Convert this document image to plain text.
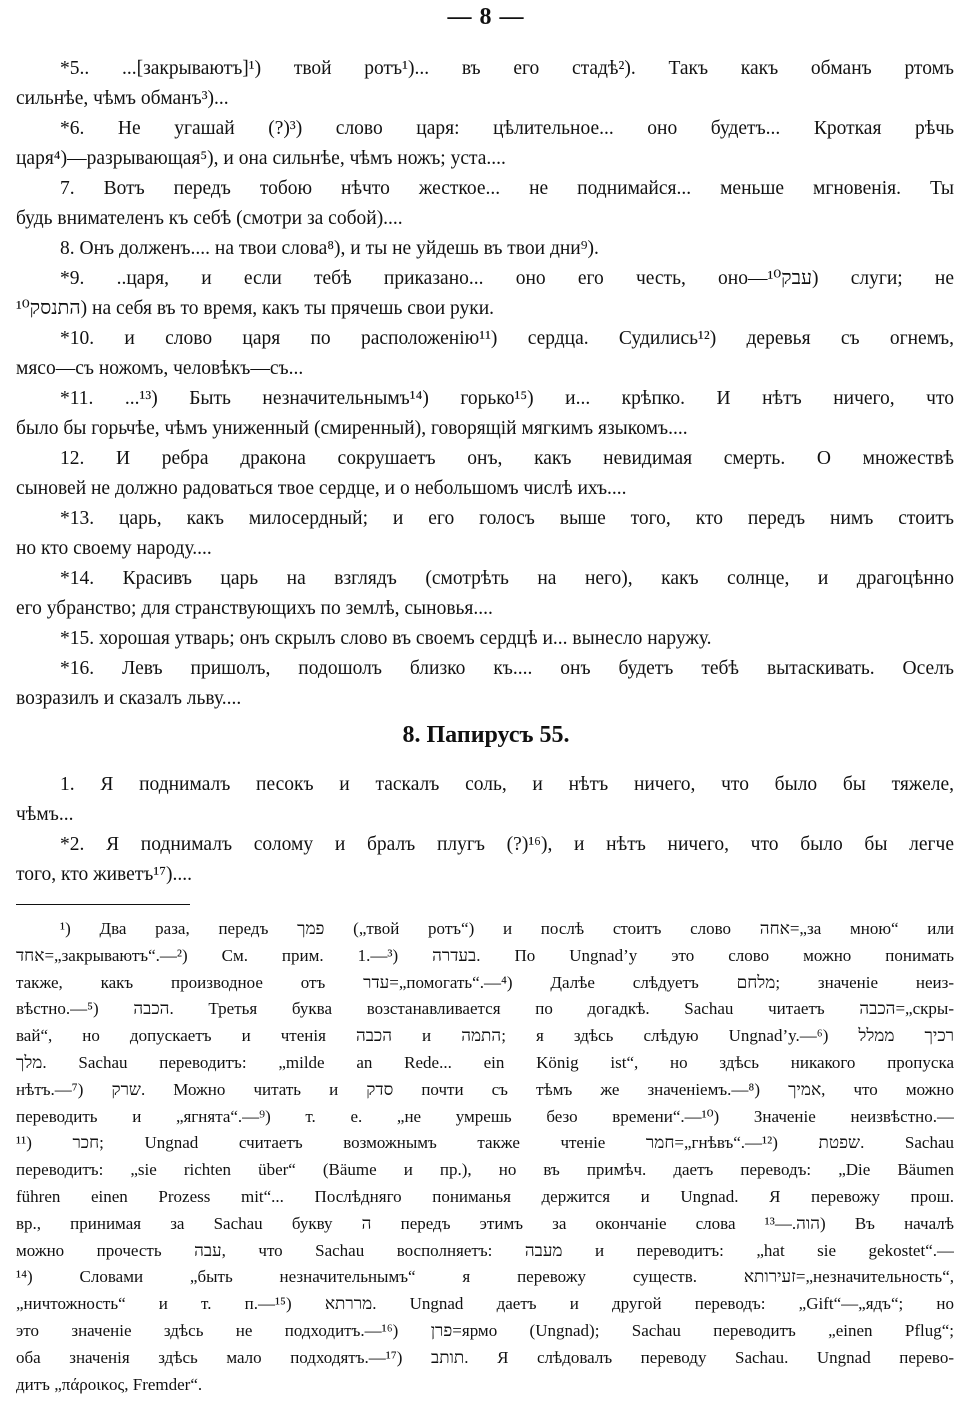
— 8 —
*5.. ...[закрываютъ]¹) твой ротъ¹)... въ его стадѣ²). Такъ какъ обманъ ртомъ
сильнѣе, чѣмъ обманъ³)...
*6. Не угашай (?)³) слово царя: цѣлительное... оно будетъ... Кроткая рѣчь
царя⁴)—разрывающая⁵), и она сильнѣе, чѣмъ ножъ; уста....
7. Вотъ передъ тобою нѣчто жесткое... не поднимайся... меньше мгновенія. Ты
будь внимателенъ къ себѣ (смотри за собой)....
8. Онъ долженъ.... на твои слова⁸), и ты не уйдешь въ твои дни⁹).
*9. ..царя, и если тебѣ приказано... оно его честь, оно—עבק¹⁰) слуги; не
התנסק¹⁰) на себя въ то время, какъ ты прячешь свои руки.
*10. и слово царя по расположенію¹¹) сердца. Судились¹²) деревья съ огнемъ,
мясо—съ ножомъ, человѣкъ—съ...
*11. ...¹³) Быть незначительнымъ¹⁴) горько¹⁵) и... крѣпко. И нѣтъ ничего, что
было бы горьчѣе, чѣмъ униженный (смиренный), говорящій мягкимъ языкомъ....
12. И ребра дракона сокрушаетъ онъ, какъ невидимая смерть. О множествѣ
сыновей не должно радоваться твое сердце, и о небольшомъ числѣ ихъ....
*13. царь, какъ милосердный; и его голосъ выше того, кто передъ нимъ стоитъ
но кто своему народу....
*14. Красивъ царь на взглядъ (смотрѣть на него), какъ солнце, и драгоцѣнно
его убранство; для странствующихъ по землѣ, сыновья....
*15. хорошая утварь; онъ скрылъ слово въ своемъ сердцѣ и... вынесло наружу.
*16. Левъ пришолъ, подошолъ близко къ.... онъ будетъ тебѣ вытаскивать. Оселъ
возразилъ и сказалъ льву....
8. Папирусъ 55.
1. Я поднималъ песокъ и таскалъ соль, и нѣтъ ничего, что было бы тяжеле,
чѣмъ...
*2. Я поднималъ солому и бралъ плугъ (?)¹⁶), и нѣтъ ничего, что было бы легче
того, кто живетъ¹⁷)....
¹) Два раза, передъ פמך („твой ротъ“) и послѣ стоитъ слово אחה=„за мною“ или
אחד=„закрываютъ“.—²) См. прим. 1.—³) בעדרה. По Ungnad’у это слово можно понимать
также, какъ производное отъ עדר=„помогать“.—⁴) Далѣе слѣдуетъ מלחם; значеніе неиз-
вѣстно.—⁵) הכבה. Третья буква возстанавливается по догадкѣ. Sachau читаетъ הכבה=„скры-
вай“, но допускаетъ и чтенія הכבה и התמה; я здѣсь слѣдую Ungnad’y.—⁶) רכיך ממלל
מלך. Sachau переводитъ: „milde an Rede... ein König ist“, но здѣсь никакого пропуска
нѣтъ.—⁷) שרק. Можно читать и סדק почти съ тѣмъ же значеніемъ.—⁸) אמיך, что можно
переводить и „ягнята“.—⁹) т. е. „не умрешь безо времени“.—¹⁰) Значеніе неизвѣстно.—
¹¹) חכר; Ungnad считаетъ возможнымъ также чтеніе חמר=„гнѣвъ“.—¹²) שפטת. Sachau
переводитъ: „sie richten über“ (Bäume и пр.), но въ примѣч. даетъ переводъ: „Die Bäumen
führen einen Prozess mit“... Послѣдняго пониманья держится и Ungnad. Я перевожу прош.
вр., принимая за Sachau букву ה передъ этимъ за окончаніе слова הוה.—¹³) Въ началѣ
можно прочесть עבה, что Sachau восполняетъ: מעבה и переводитъ: „hat sie gekostet“.—
¹⁴) Словами „быть незначительнымъ“ я перевожу существ. זעירותא=„незначительность“,
„ничтожность“ и т. п.—¹⁵) מררתא. Ungnad даетъ и другой переводъ: „Gift“—„ядъ“; но
это значеніе здѣсь не подходитъ.—¹⁶) פרן=ярмо (Ungnad); Sachau переводитъ „einen Pflug“;
оба значенія здѣсь мало подходятъ.—¹⁷) תותב. Я слѣдовалъ переводу Sachau. Ungnad перево-
дитъ „πάροικος, Fremder“.
